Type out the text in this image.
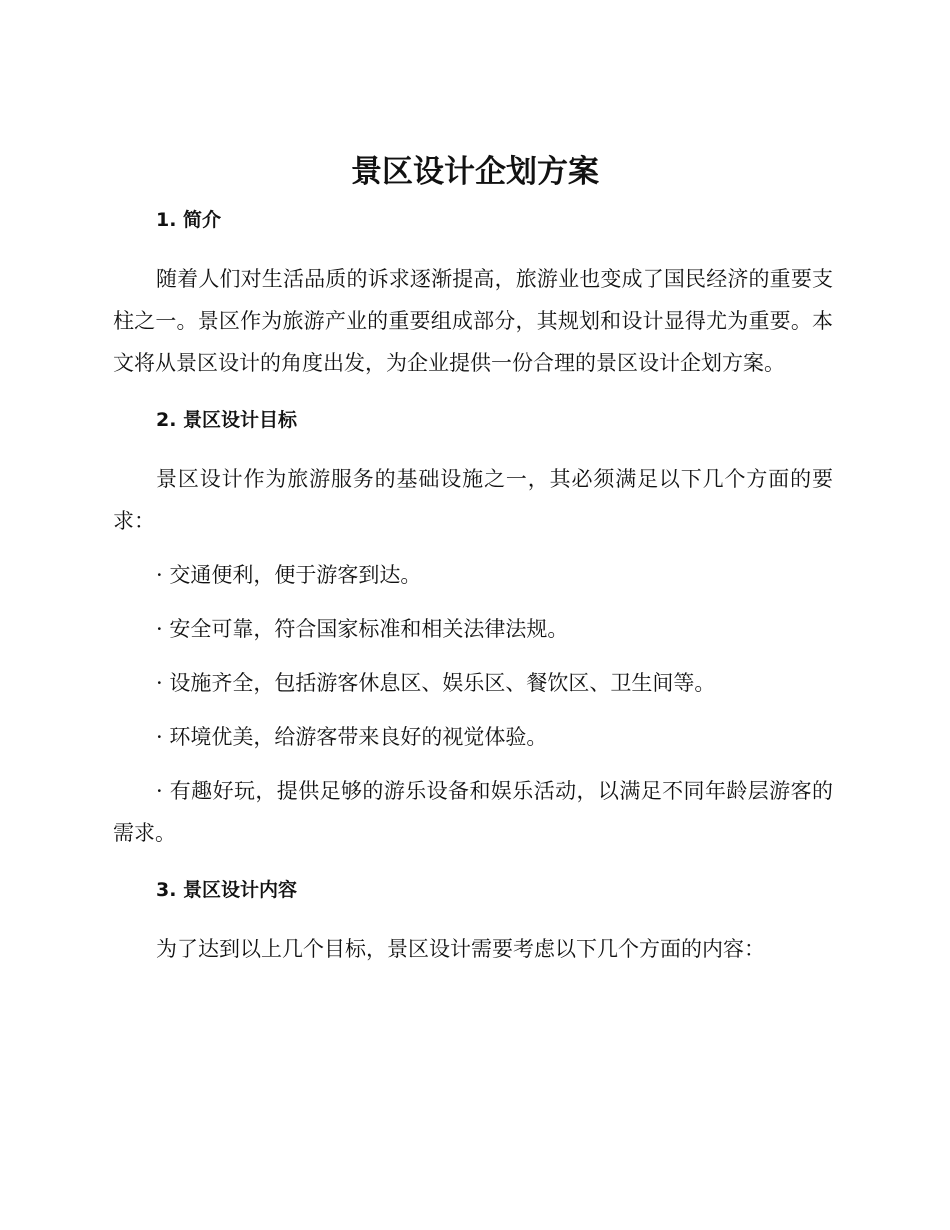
景区设计企划方案
1. 简介

随着人们对生活品质的诉求逐渐提高，旅游业也变成了国民经济的重要支柱之一。景区作为旅游产业的重要组成部分，其规划和设计显得尤为重要。本文将从景区设计的角度出发，为企业提供一份合理的景区设计企划方案。

2. 景区设计目标

景区设计作为旅游服务的基础设施之一，其必须满足以下几个方面的要求：

· 交通便利，便于游客到达。

· 安全可靠，符合国家标准和相关法律法规。

· 设施齐全，包括游客休息区、娱乐区、餐饮区、卫生间等。

· 环境优美，给游客带来良好的视觉体验。

· 有趣好玩，提供足够的游乐设备和娱乐活动，以满足不同年龄层游客的需求。

3. 景区设计内容

为了达到以上几个目标，景区设计需要考虑以下几个方面的内容：
